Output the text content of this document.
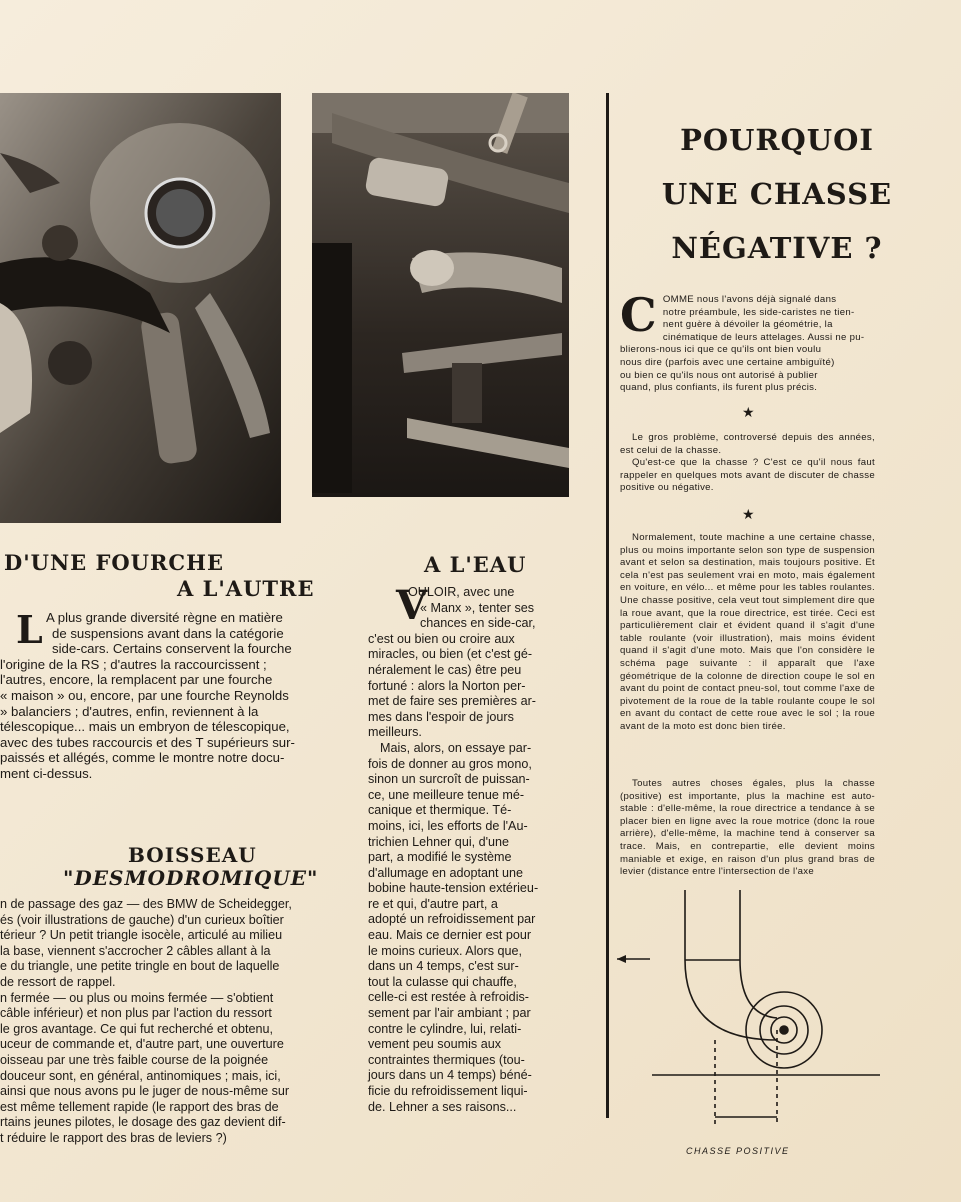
D'UNE FOURCHE
A L'AUTRE
A plus grande diversité règne en matière
de suspensions avant dans la catégorie
side-cars. Certains conservent la fourche
l'origine de la RS ; d'autres la raccourcissent ;
l'autres, encore, la remplacent par une fourche
« maison » ou, encore, par une fourche Reynolds
» balanciers ; d'autres, enfin, reviennent à la
télescopique... mais un embryon de télescopique,
avec des tubes raccourcis et des T supérieurs sur-
paissés et allégés, comme le montre notre docu-
ment ci-dessus.
BOISSEAU
"DESMODROMIQUE"
n de passage des gaz — des BMW de Scheidegger,
és (voir illustrations de gauche) d'un curieux boîtier
térieur ? Un petit triangle isocèle, articulé au milieu
la base, viennent s'accrocher 2 câbles allant à la
e du triangle, une petite tringle en bout de laquelle
de ressort de rappel.
n fermée — ou plus ou moins fermée — s'obtient
câble inférieur) et non plus par l'action du ressort
le gros avantage. Ce qui fut recherché et obtenu,
uceur de commande et, d'autre part, une ouverture
oisseau par une très faible course de la poignée
douceur sont, en général, antinomiques ; mais, ici,
ainsi que nous avons pu le juger de nous-même sur
est même tellement rapide (le rapport des bras de
rtains jeunes pilotes, le dosage des gaz devient dif-
t réduire le rapport des bras de leviers ?)
A L'EAU
OULOIR, avec une
« Manx », tenter ses
chances en side-car,
c'est ou bien ou croire aux
miracles, ou bien (et c'est gé-
néralement le cas) être peu
fortuné : alors la Norton per-
met de faire ses premières ar-
mes dans l'espoir de jours
meilleurs.
Mais, alors, on essaye par-
fois de donner au gros mono,
sinon un surcroît de puissan-
ce, une meilleure tenue mé-
canique et thermique. Té-
moins, ici, les efforts de l'Au-
trichien Lehner qui, d'une
part, a modifié le système
d'allumage en adoptant une
bobine haute-tension extérieu-
re et qui, d'autre part, a
adopté un refroidissement par
eau. Mais ce dernier est pour
le moins curieux. Alors que,
dans un 4 temps, c'est sur-
tout la culasse qui chauffe,
celle-ci est restée à refroidis-
sement par l'air ambiant ; par
contre le cylindre, lui, relati-
vement peu soumis aux
contraintes thermiques (tou-
jours dans un 4 temps) béné-
ficie du refroidissement liqui-
de. Lehner a ses raisons...
POURQUOI
UNE CHASSE
NÉGATIVE ?
C OMME nous l'avons déjà signalé dans
notre préambule, les side-caristes ne tien-
nent guère à dévoiler la géométrie, la
cinématique de leurs attelages. Aussi ne pu-
blierons-nous ici que ce qu'ils ont bien voulu
nous dire (parfois avec une certaine ambiguïté)
ou bien ce qu'ils nous ont autorisé à publier
quand, plus confiants, ils furent plus précis.
★

Le gros problème, controversé depuis des années, est celui de la chasse.

Qu'est-ce que la chasse ? C'est ce qu'il nous faut rappeler en quelques mots avant de discuter de chasse positive ou négative.

★

Normalement, toute machine a une certaine chasse, plus ou moins importante selon son type de suspension avant et selon sa destination, mais toujours positive. Et cela n'est pas seulement vrai en moto, mais également en voiture, en vélo... et même pour les tables roulantes. Une chasse positive, cela veut tout simplement dire que la roue avant, que la roue directrice, est tirée. Ceci est particulièrement clair et évident quand il s'agit d'une table roulante (voir illustration), mais moins évident quand il s'agit d'une moto. Mais que l'on considère le schéma page suivante : il apparaît que l'axe géométrique de la colonne de direction coupe le sol en avant du point de contact pneu-sol, tout comme l'axe de pivotement de la roue de la table roulante coupe le sol en avant du contact de cette roue avec le sol ; la roue avant de la moto est donc bien tirée.

Toutes autres choses égales, plus la chasse (positive) est importante, plus la machine est auto-stable : d'elle-même, la roue directrice a tendance à se placer bien en ligne avec la roue motrice (donc la roue arrière), d'elle-même, la machine tend à conserver sa trace. Mais, en contrepartie, elle devient moins maniable et exige, en raison d'un plus grand bras de levier (distance entre l'intersection de l'axe

CHASSE POSITIVE
L
V
